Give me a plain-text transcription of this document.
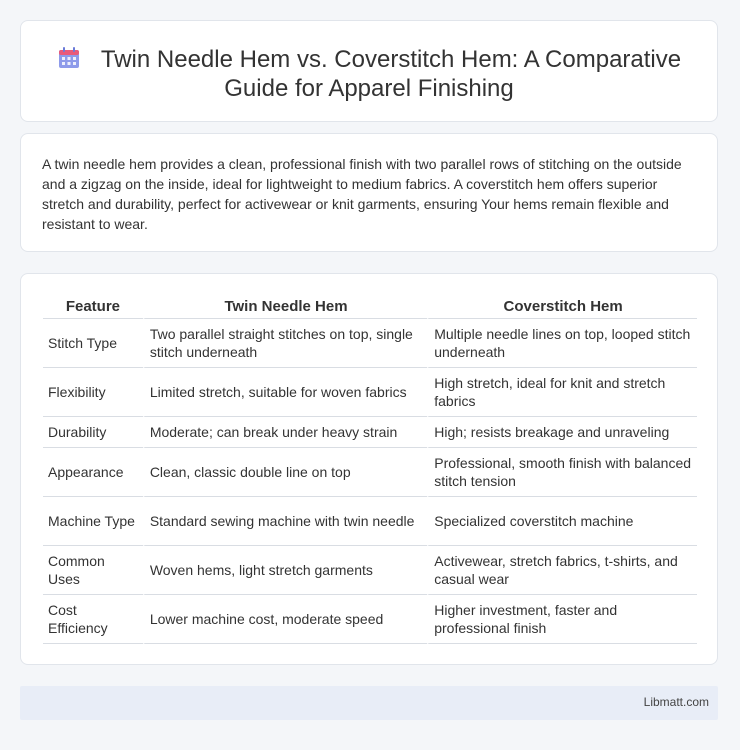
Twin Needle Hem vs. Coverstitch Hem: A Comparative Guide for Apparel Finishing

A twin needle hem provides a clean, professional finish with two parallel rows of stitching on the outside and a zigzag on the inside, ideal for lightweight to medium fabrics. A coverstitch hem offers superior stretch and durability, perfect for activewear or knit garments, ensuring Your hems remain flexible and resistant to wear.

Feature	Twin Needle Hem	Coverstitch Hem
Stitch Type	Two parallel straight stitches on top, single stitch underneath	Multiple needle lines on top, looped stitch underneath
Flexibility	Limited stretch, suitable for woven fabrics	High stretch, ideal for knit and stretch fabrics
Durability	Moderate; can break under heavy strain	High; resists breakage and unraveling
Appearance	Clean, classic double line on top	Professional, smooth finish with balanced stitch tension
Machine Type	Standard sewing machine with twin needle	Specialized coverstitch machine
Common Uses	Woven hems, light stretch garments	Activewear, stretch fabrics, t-shirts, and casual wear
Cost Efficiency	Lower machine cost, moderate speed	Higher investment, faster and professional finish
Libmatt.com
